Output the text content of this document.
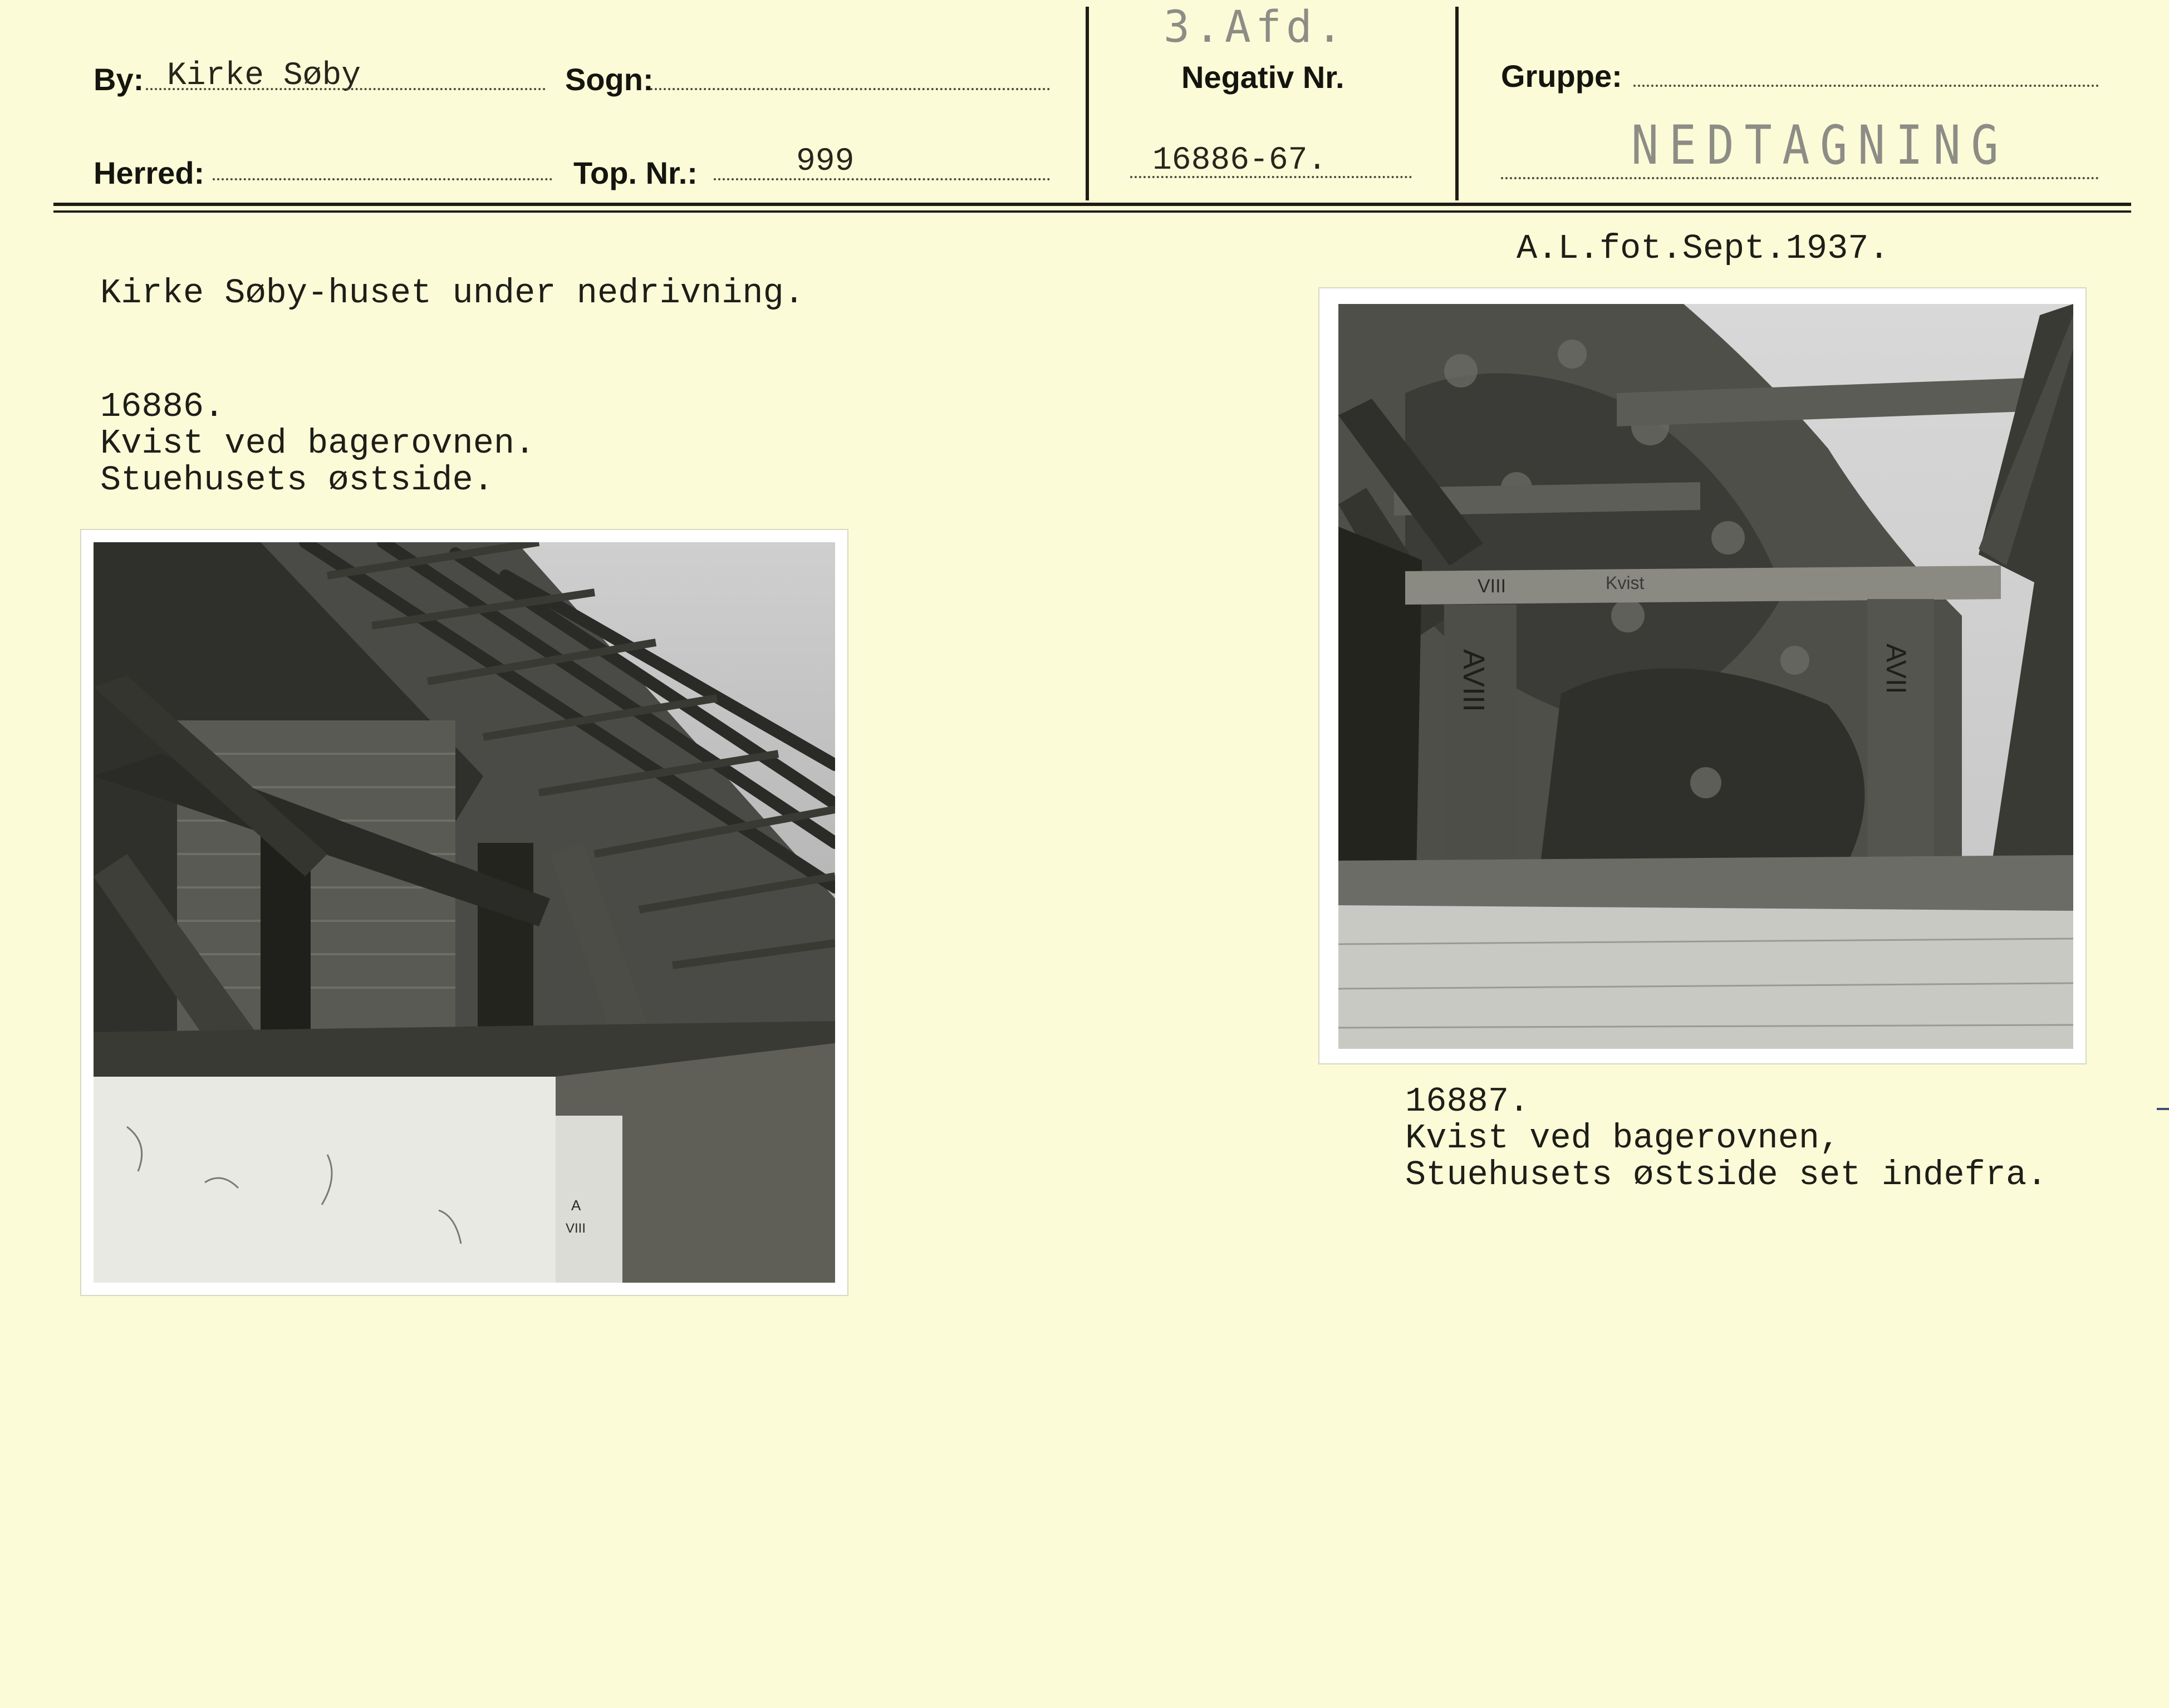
By: Kirke Søby	Sogn:
Herred:	Top. Nr.:	999
3.Afd.
Negativ Nr.
16886-67.
Gruppe:
NEDTAGNING
A.L.fot.Sept.1937.
Kirke Søby-huset under nedrivning.
16886.
Kvist ved bagerovnen.
Stuehusets østside.
16887.
Kvist ved bagerovnen,
Stuehusets østside set indefra.
A
VIII
VIII	Kvist
AVIII	AVII
